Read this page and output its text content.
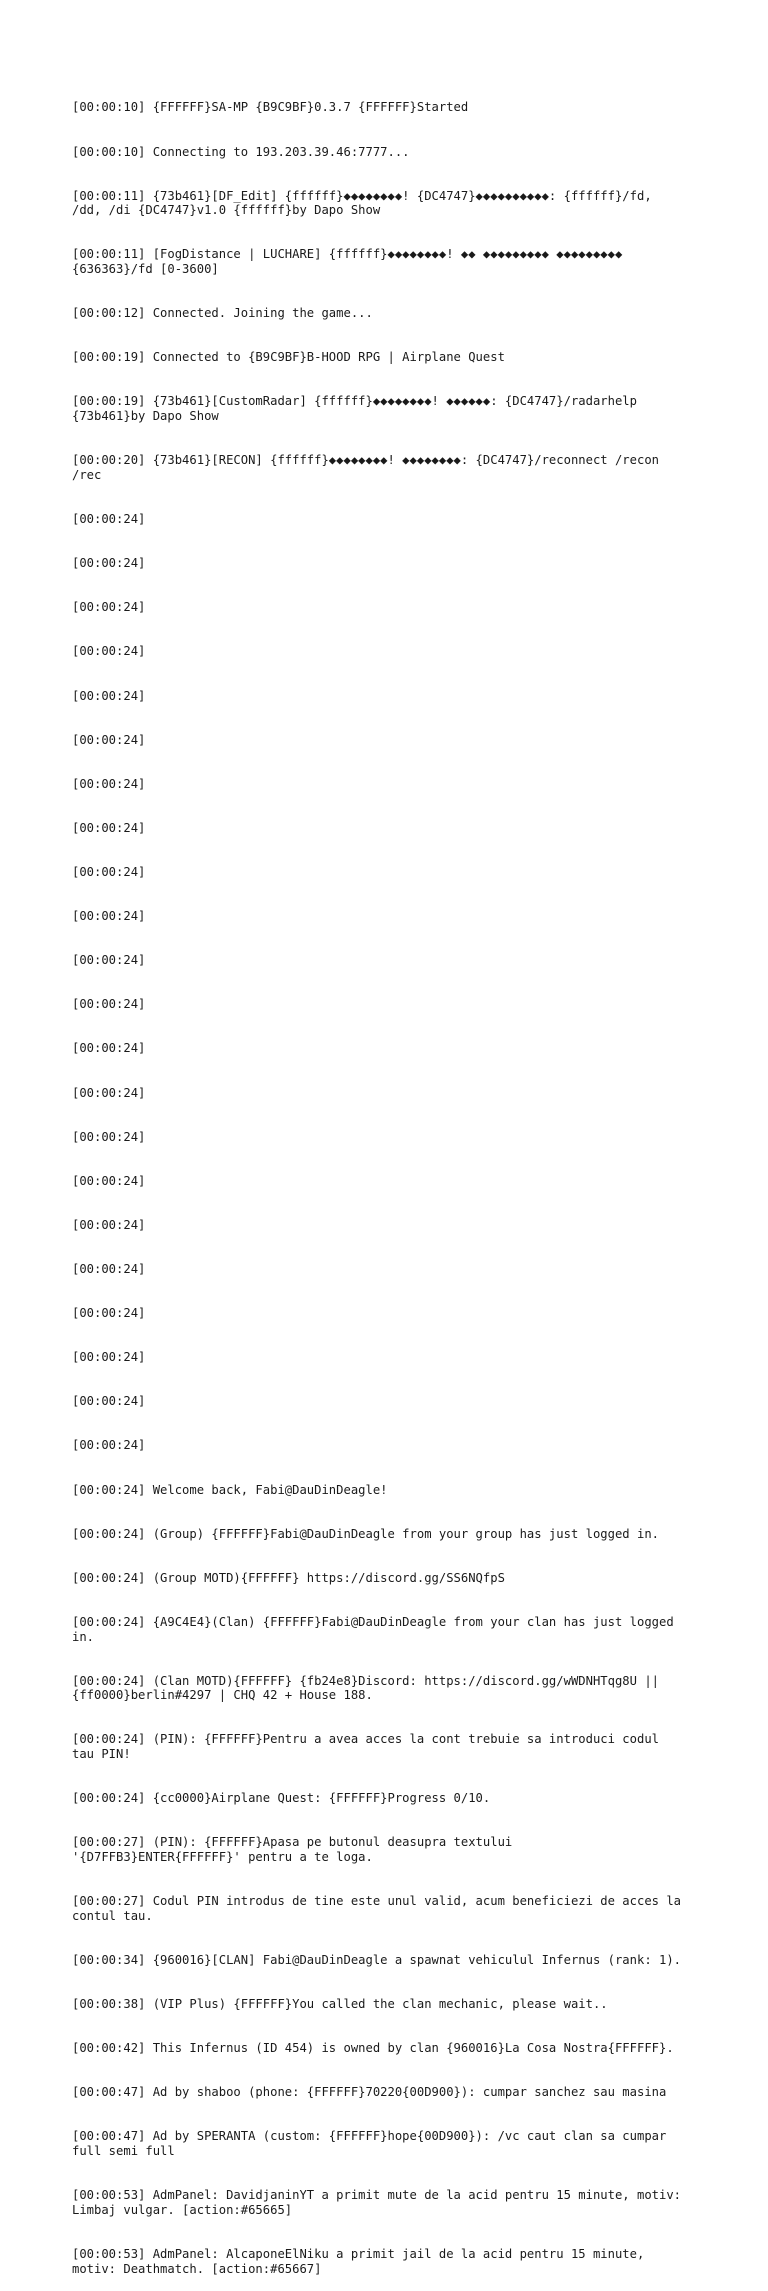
[00:00:10] {FFFFFF}SA-MP {B9C9BF}0.3.7 {FFFFFF}Started

[00:00:10] Connecting to 193.203.39.46:7777...

[00:00:11] {73b461}[DF_Edit] {ffffff}◆◆◆◆◆◆◆◆! {DC4747}◆◆◆◆◆◆◆◆◆◆: {ffffff}/fd,
/dd, /di {DC4747}v1.0 {ffffff}by Dapo Show

[00:00:11] [FogDistance | LUCHARE] {ffffff}◆◆◆◆◆◆◆◆! ◆◆ ◆◆◆◆◆◆◆◆◆ ◆◆◆◆◆◆◆◆◆
{636363}/fd [0-3600]

[00:00:12] Connected. Joining the game...

[00:00:19] Connected to {B9C9BF}B-HOOD RPG | Airplane Quest

[00:00:19] {73b461}[CustomRadar] {ffffff}◆◆◆◆◆◆◆◆! ◆◆◆◆◆◆: {DC4747}/radarhelp
{73b461}by Dapo Show

[00:00:20] {73b461}[RECON] {ffffff}◆◆◆◆◆◆◆◆! ◆◆◆◆◆◆◆◆: {DC4747}/reconnect /recon
/rec

[00:00:24]

[00:00:24]

[00:00:24]

[00:00:24]

[00:00:24]

[00:00:24]

[00:00:24]

[00:00:24]

[00:00:24]

[00:00:24]

[00:00:24]

[00:00:24]

[00:00:24]

[00:00:24]

[00:00:24]

[00:00:24]

[00:00:24]

[00:00:24]

[00:00:24]

[00:00:24]

[00:00:24]

[00:00:24]

[00:00:24] Welcome back, Fabi@DauDinDeagle!

[00:00:24] (Group) {FFFFFF}Fabi@DauDinDeagle from your group has just logged in.

[00:00:24] (Group MOTD){FFFFFF} https://discord.gg/SS6NQfpS

[00:00:24] {A9C4E4}(Clan) {FFFFFF}Fabi@DauDinDeagle from your clan has just logged
in.

[00:00:24] (Clan MOTD){FFFFFF} {fb24e8}Discord: https://discord.gg/wWDNHTqg8U ||
{ff0000}berlin#4297 | CHQ 42 + House 188.

[00:00:24] (PIN): {FFFFFF}Pentru a avea acces la cont trebuie sa introduci codul
tau PIN!

[00:00:24] {cc0000}Airplane Quest: {FFFFFF}Progress 0/10.

[00:00:27] (PIN): {FFFFFF}Apasa pe butonul deasupra textului
'{D7FFB3}ENTER{FFFFFF}' pentru a te loga.

[00:00:27] Codul PIN introdus de tine este unul valid, acum beneficiezi de acces la
contul tau.

[00:00:34] {960016}[CLAN] Fabi@DauDinDeagle a spawnat vehiculul Infernus (rank: 1).

[00:00:38] (VIP Plus) {FFFFFF}You called the clan mechanic, please wait..

[00:00:42] This Infernus (ID 454) is owned by clan {960016}La Cosa Nostra{FFFFFF}.

[00:00:47] Ad by shaboo (phone: {FFFFFF}70220{00D900}): cumpar sanchez sau masina

[00:00:47] Ad by SPERANTA (custom: {FFFFFF}hope{00D900}): /vc caut clan sa cumpar
full semi full

[00:00:53] AdmPanel: DavidjaninYT a primit mute de la acid pentru 15 minute, motiv:
Limbaj vulgar. [action:#65665]

[00:00:53] AdmPanel: AlcaponeElNiku a primit jail de la acid pentru 15 minute,
motiv: Deathmatch. [action:#65667]
